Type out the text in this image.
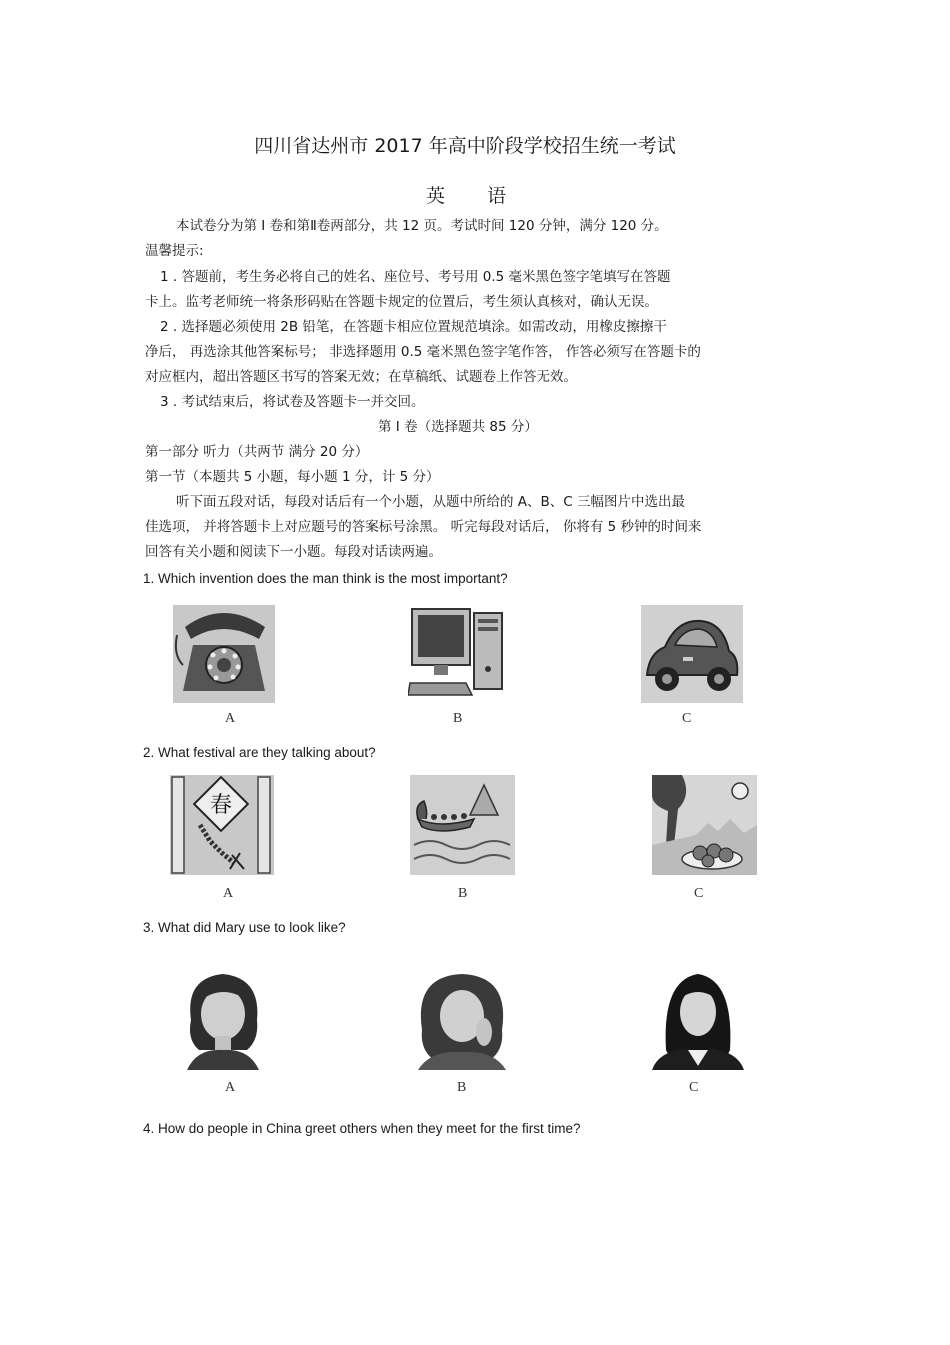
四川省达州市 2017 年高中阶段学校招生统一考试
英 语
本试卷分为第 I 卷和第Ⅱ卷两部分，共 12 页。考试时间 120 分钟，满分 120 分。
温馨提示:
1 . 答题前，考生务必将自己的姓名、座位号、考号用 0.5 毫米黑色签字笔填写在答题
卡上。监考老师统一将条形码贴在答题卡规定的位置后，考生须认真核对，确认无误。
2 . 选择题必须使用 2B 铅笔，在答题卡相应位置规范填涂。如需改动，用橡皮擦擦干
净后， 再选涂其他答案标号； 非选择题用 0.5 毫米黑色签字笔作答， 作答必须写在答题卡的
对应框内，超出答题区书写的答案无效；在草稿纸、试题卷上作答无效。
3 . 考试结束后，将试卷及答题卡一并交回。
第 I 卷（选择题共 85 分）
第一部分 听力（共两节 满分 20 分）
第一节（本题共 5 小题，每小题 1 分，计 5 分）
听下面五段对话，每段对话后有一个小题，从题中所给的 A、B、C 三幅图片中选出最
佳选项， 并将答题卡上对应题号的答案标号涂黑。 听完每段对话后， 你将有 5 秒钟的时间来
回答有关小题和阅读下一小题。每段对话读两遍。
1. Which invention does the man think is the most important?
A	B	C
2. What festival are they talking about?
春
A	B	C
3. What did Mary use to look like?
A	B	C
4. How do people in China greet others when they meet for the first time?
